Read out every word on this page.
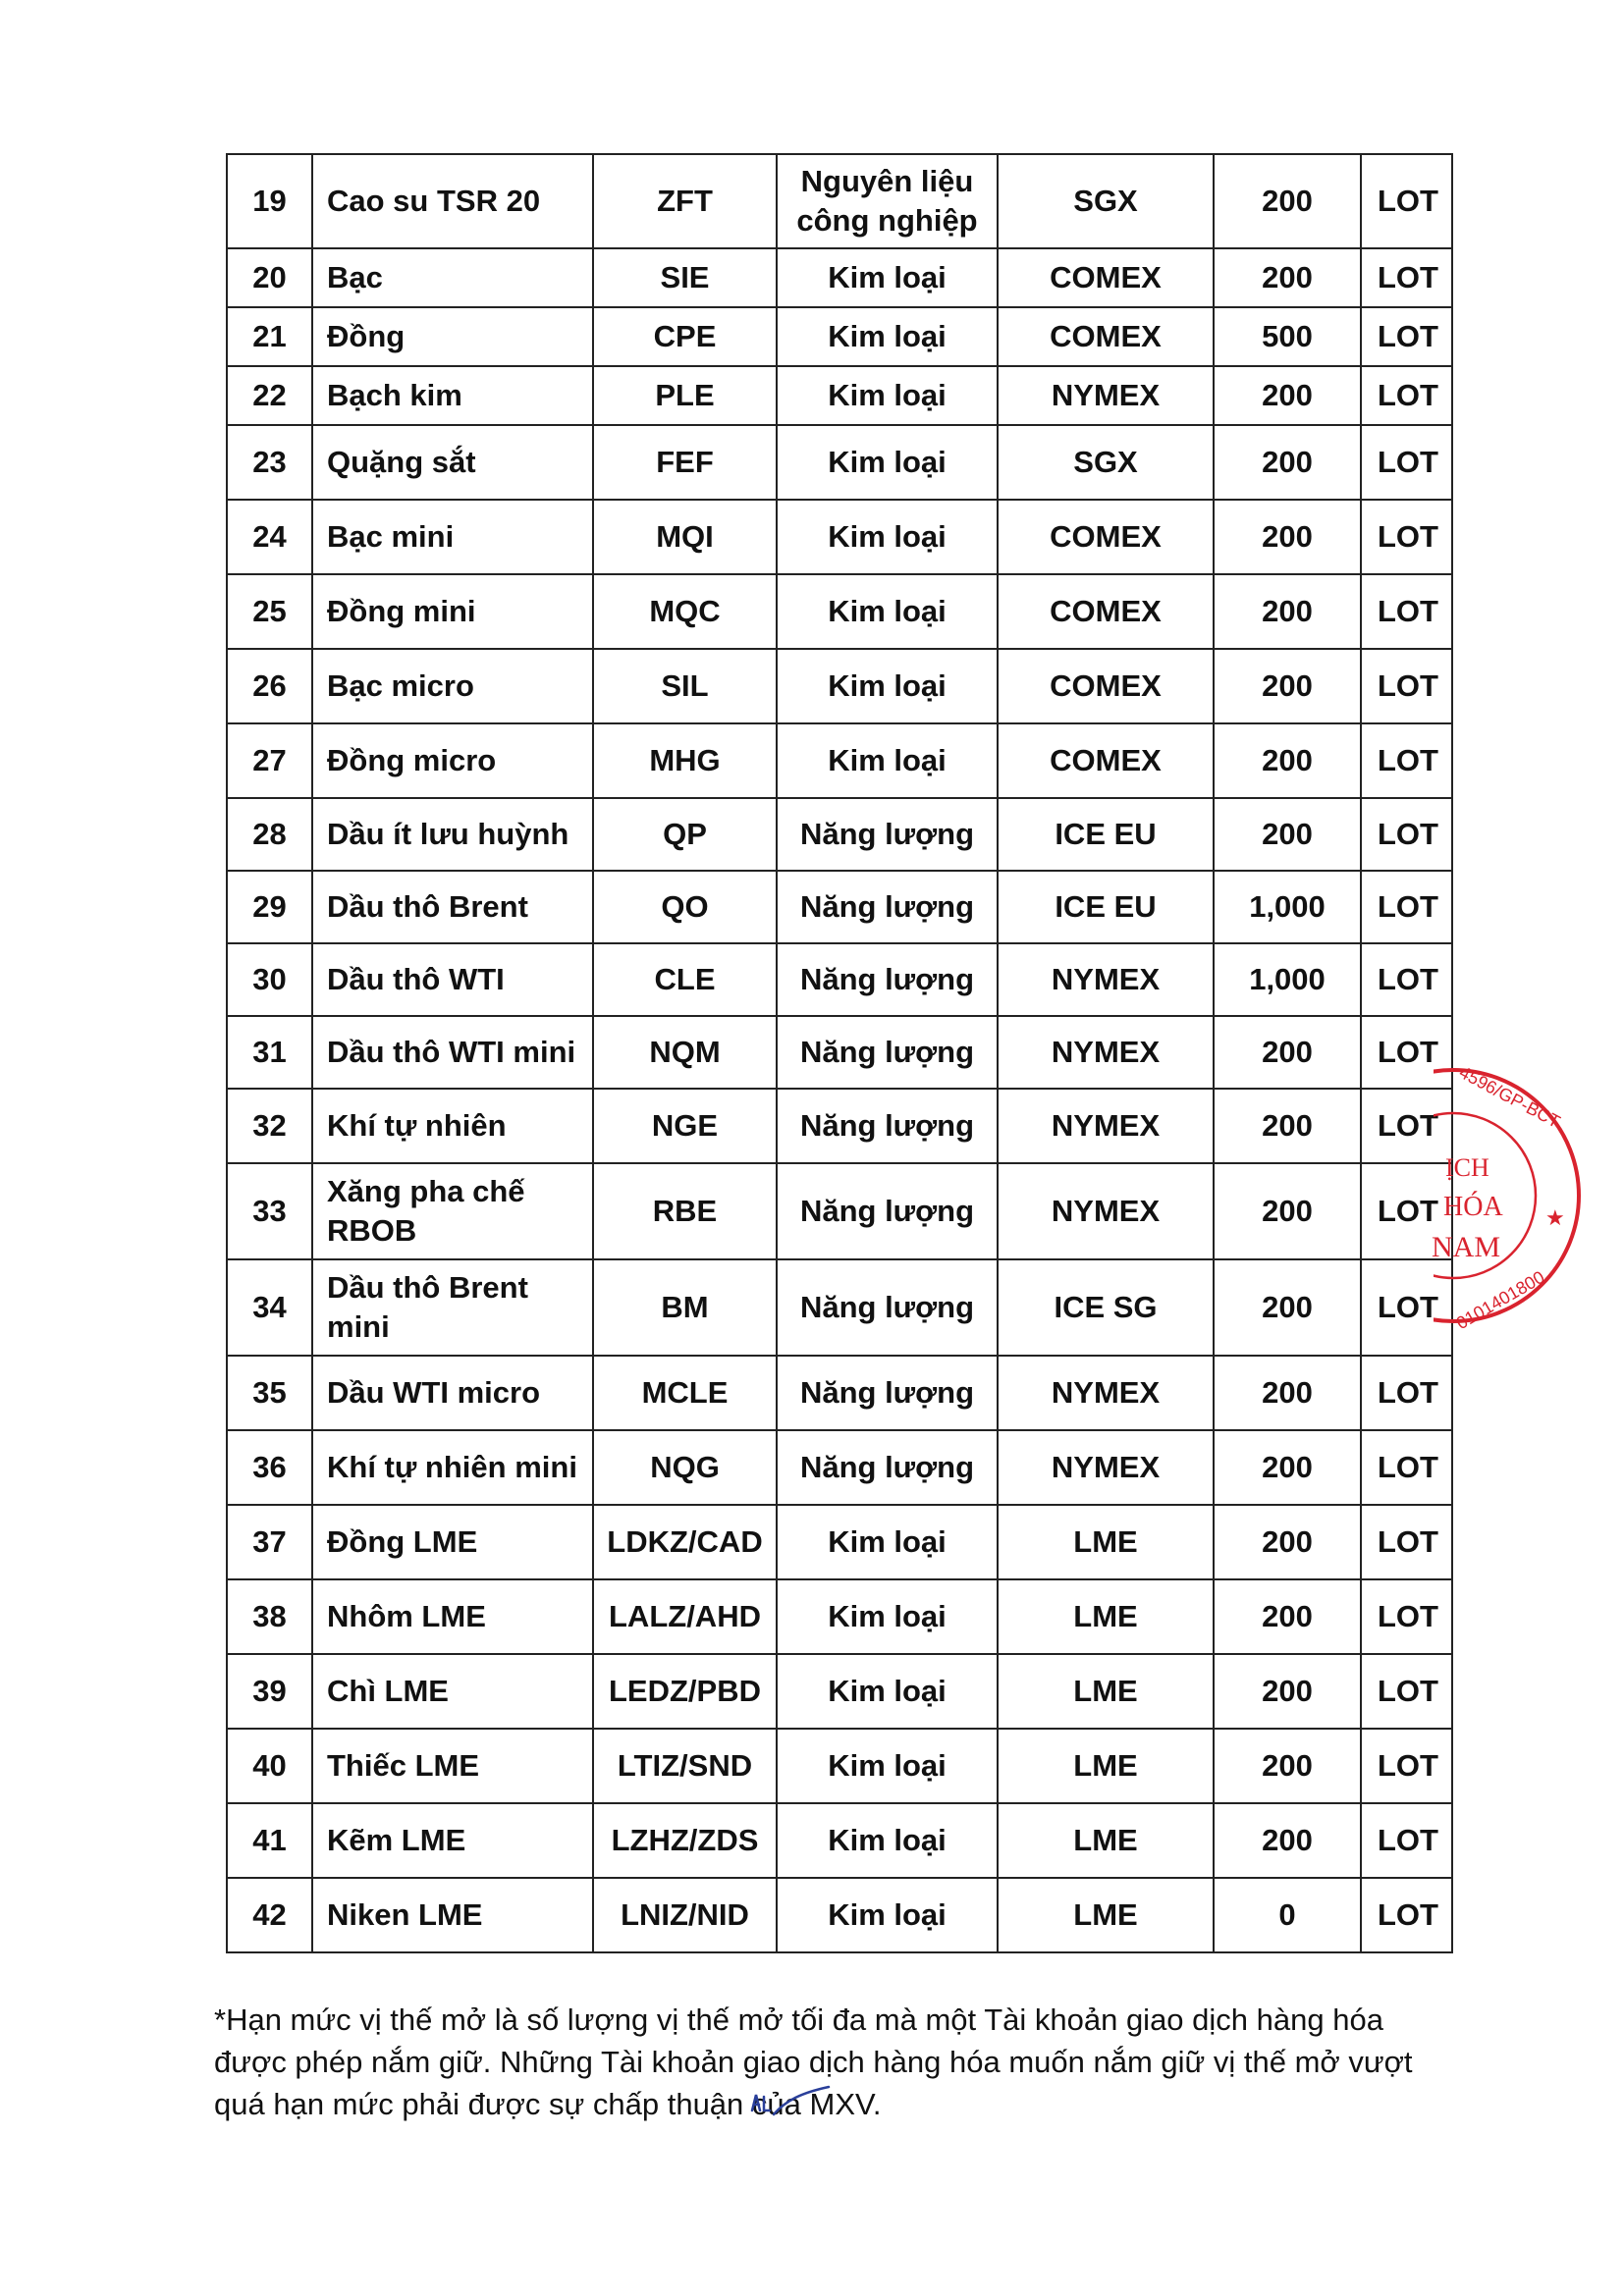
19	Cao su TSR 20	ZFT	Nguyên liệu công nghiệp	SGX	200	LOT
20	Bạc	SIE	Kim loại	COMEX	200	LOT
21	Đồng	CPE	Kim loại	COMEX	500	LOT
22	Bạch kim	PLE	Kim loại	NYMEX	200	LOT
23	Quặng sắt	FEF	Kim loại	SGX	200	LOT
24	Bạc mini	MQI	Kim loại	COMEX	200	LOT
25	Đồng mini	MQC	Kim loại	COMEX	200	LOT
26	Bạc micro	SIL	Kim loại	COMEX	200	LOT
27	Đồng micro	MHG	Kim loại	COMEX	200	LOT
28	Dầu ít lưu huỳnh	QP	Năng lượng	ICE EU	200	LOT
29	Dầu thô Brent	QO	Năng lượng	ICE EU	1,000	LOT
30	Dầu thô WTI	CLE	Năng lượng	NYMEX	1,000	LOT
31	Dầu thô WTI mini	NQM	Năng lượng	NYMEX	200	LOT
32	Khí tự nhiên	NGE	Năng lượng	NYMEX	200	LOT
33	Xăng pha chế RBOB	RBE	Năng lượng	NYMEX	200	LOT
34	Dầu thô Brent mini	BM	Năng lượng	ICE SG	200	LOT
35	Dầu WTI micro	MCLE	Năng lượng	NYMEX	200	LOT
36	Khí tự nhiên mini	NQG	Năng lượng	NYMEX	200	LOT
37	Đồng LME	LDKZ/CAD	Kim loại	LME	200	LOT
38	Nhôm LME	LALZ/AHD	Kim loại	LME	200	LOT
39	Chì LME	LEDZ/PBD	Kim loại	LME	200	LOT
40	Thiếc LME	LTIZ/SND	Kim loại	LME	200	LOT
41	Kẽm LME	LZHZ/ZDS	Kim loại	LME	200	LOT
42	Niken LME	LNIZ/NID	Kim loại	LME	0	LOT
*Hạn mức vị thế mở là số lượng vị thế mở tối đa mà một Tài khoản giao dịch hàng hóa được phép nắm giữ. Những Tài khoản giao dịch hàng hóa muốn nắm giữ vị thế mở vượt quá hạn mức phải được sự chấp thuận của MXV.
ỊCH
HÓA
NAM
★
4596/GP-BCT
0101401800
